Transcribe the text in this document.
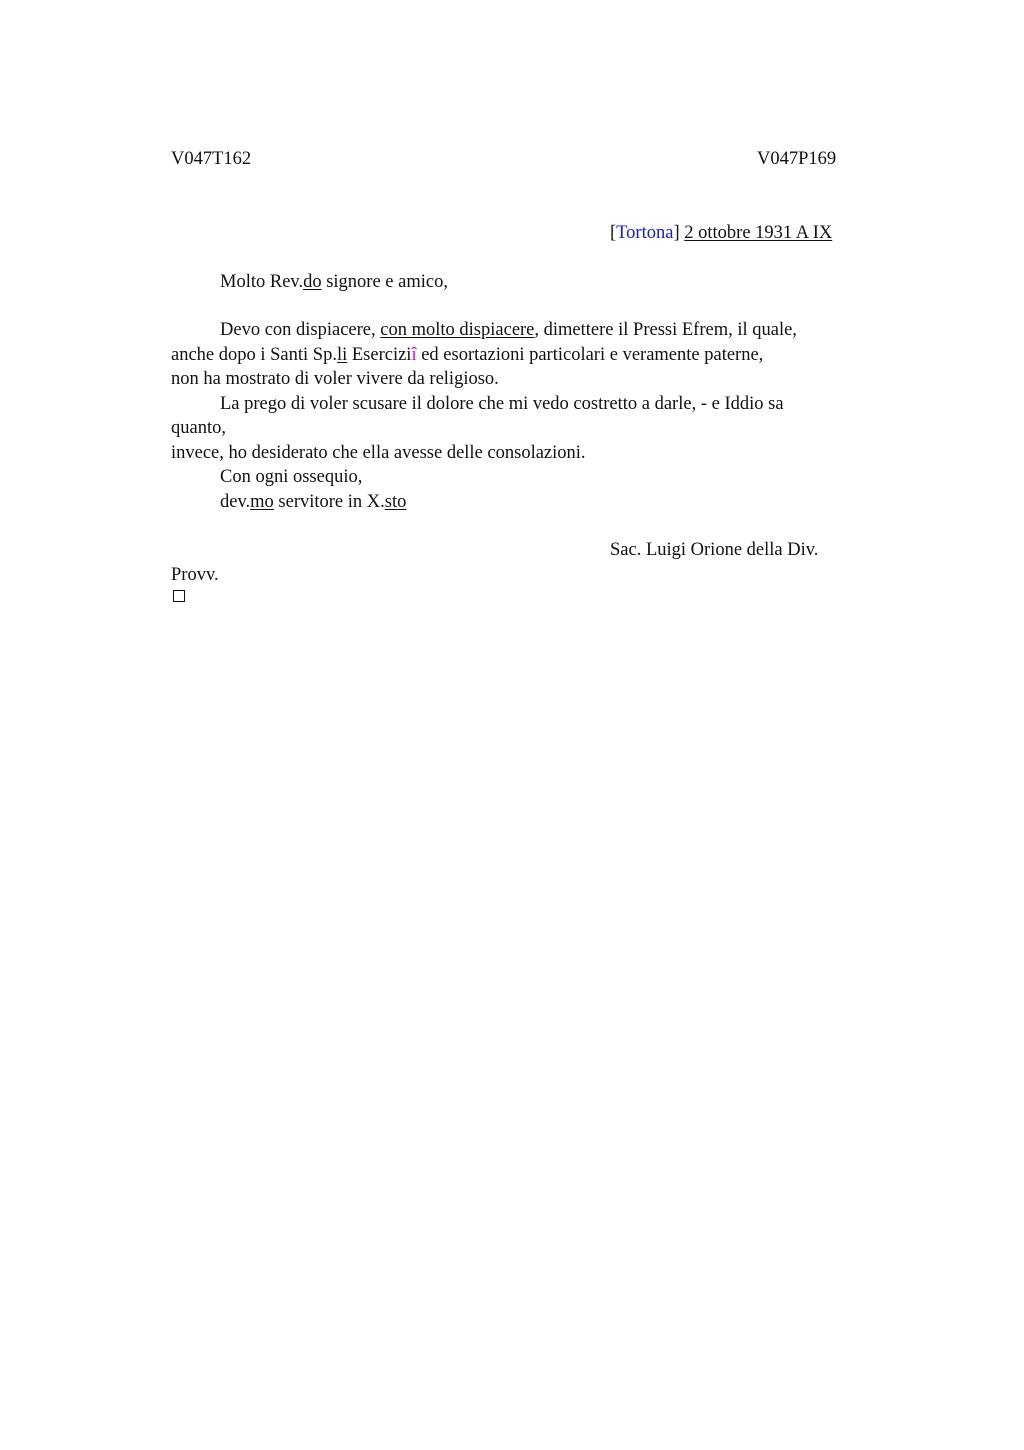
V047T162	V047P169
[Tortona] 2 ottobre 1931 A IX
Molto Rev.do signore e amico,
Devo con dispiacere, con molto dispiacere, dimettere il Pressi Efrem, il quale,
anche dopo i Santi Sp.li Eserciziî ed esortazioni particolari e veramente paterne,
non ha mostrato di voler vivere da religioso.
La prego di voler scusare il dolore che mi vedo costretto a darle, - e Iddio sa
quanto,
invece, ho desiderato che ella avesse delle consolazioni.
Con ogni ossequio,
dev.mo servitore in X.sto
Sac. Luigi Orione della Div.
Provv.
